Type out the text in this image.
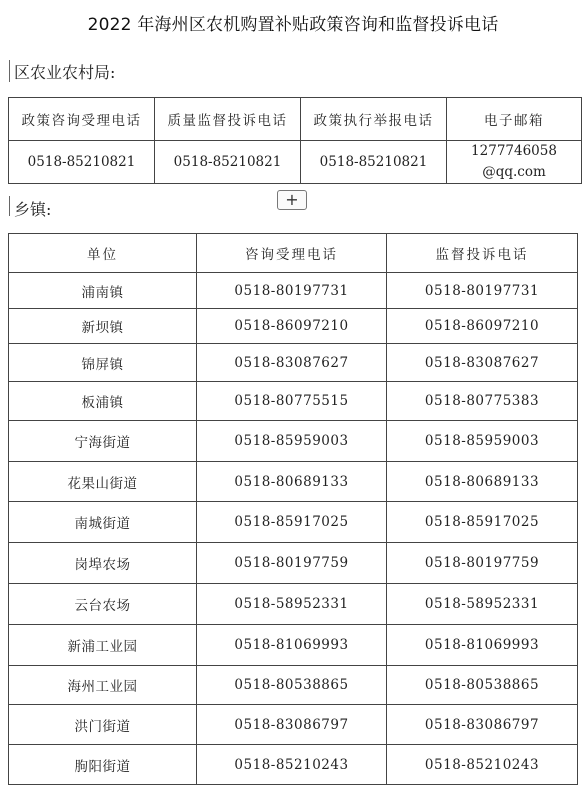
2022 年海州区农机购置补贴政策咨询和监督投诉电话
区农业农村局:
政策咨询受理电话	质量监督投诉电话	政策执行举报电话	电子邮箱
0518-85210821	0518-85210821	0518-85210821	1277746058
@qq.com
+
乡镇:
单位	咨询受理电话	监督投诉电话
浦南镇	0518-80197731	0518-80197731
新坝镇	0518-86097210	0518-86097210
锦屏镇	0518-83087627	0518-83087627
板浦镇	0518-80775515	0518-80775383
宁海街道	0518-85959003	0518-85959003
花果山街道	0518-80689133	0518-80689133
南城街道	0518-85917025	0518-85917025
岗埠农场	0518-80197759	0518-80197759
云台农场	0518-58952331	0518-58952331
新浦工业园	0518-81069993	0518-81069993
海州工业园	0518-80538865	0518-80538865
洪门街道	0518-83086797	0518-83086797
朐阳街道	0518-85210243	0518-85210243
